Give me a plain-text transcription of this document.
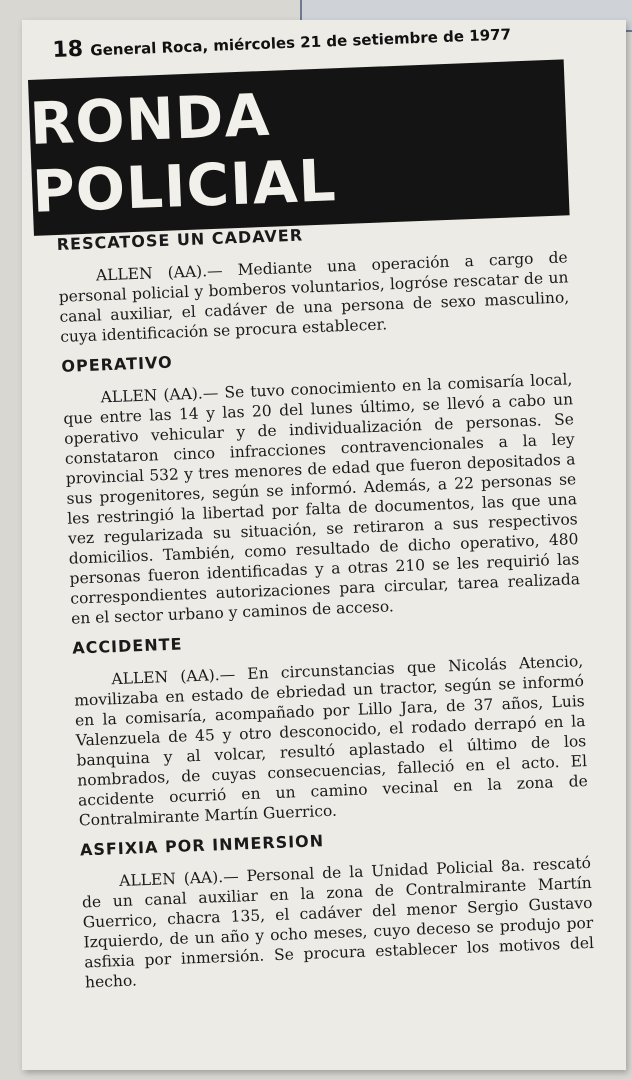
18 General Roca, miércoles 21 de setiembre de 1977
RONDA POLICIAL
RESCATOSE UN CADAVER

ALLEN (AA).— Mediante una operación a cargo de personal policial y bomberos voluntarios, logróse rescatar de un canal auxiliar, el cadáver de una persona de sexo masculino, cuya identificación se procura establecer.

OPERATIVO

ALLEN (AA).— Se tuvo conocimiento en la comisaría local, que entre las 14 y las 20 del lunes último, se llevó a cabo un operativo vehicular y de individualización de personas. Se constataron cinco infracciones contravencionales a la ley provincial 532 y tres menores de edad que fueron depositados a sus progenitores, según se informó. Además, a 22 personas se les restringió la libertad por falta de documentos, las que una vez regularizada su situación, se retiraron a sus respectivos domicilios. También, como resultado de dicho operativo, 480 personas fueron identificadas y a otras 210 se les requirió las correspondientes autorizaciones para circular, tarea realizada en el sector urbano y caminos de acceso.

ACCIDENTE

ALLEN (AA).— En circunstancias que Nicolás Atencio, movilizaba en estado de ebriedad un tractor, según se informó en la comisaría, acompañado por Lillo Jara, de 37 años, Luis Valenzuela de 45 y otro desconocido, el rodado derrapó en la banquina y al volcar, resultó aplastado el último de los nombrados, de cuyas consecuencias, falleció en el acto. El accidente ocurrió en un camino vecinal en la zona de Contralmirante Martín Guerrico.

ASFIXIA POR INMERSION

ALLEN (AA).— Personal de la Unidad Policial 8a. rescató de un canal auxiliar en la zona de Contralmirante Martín Guerrico, chacra 135, el cadáver del menor Sergio Gustavo Izquierdo, de un año y ocho meses, cuyo deceso se produjo por asfixia por inmersión. Se procura establecer los motivos del hecho.
